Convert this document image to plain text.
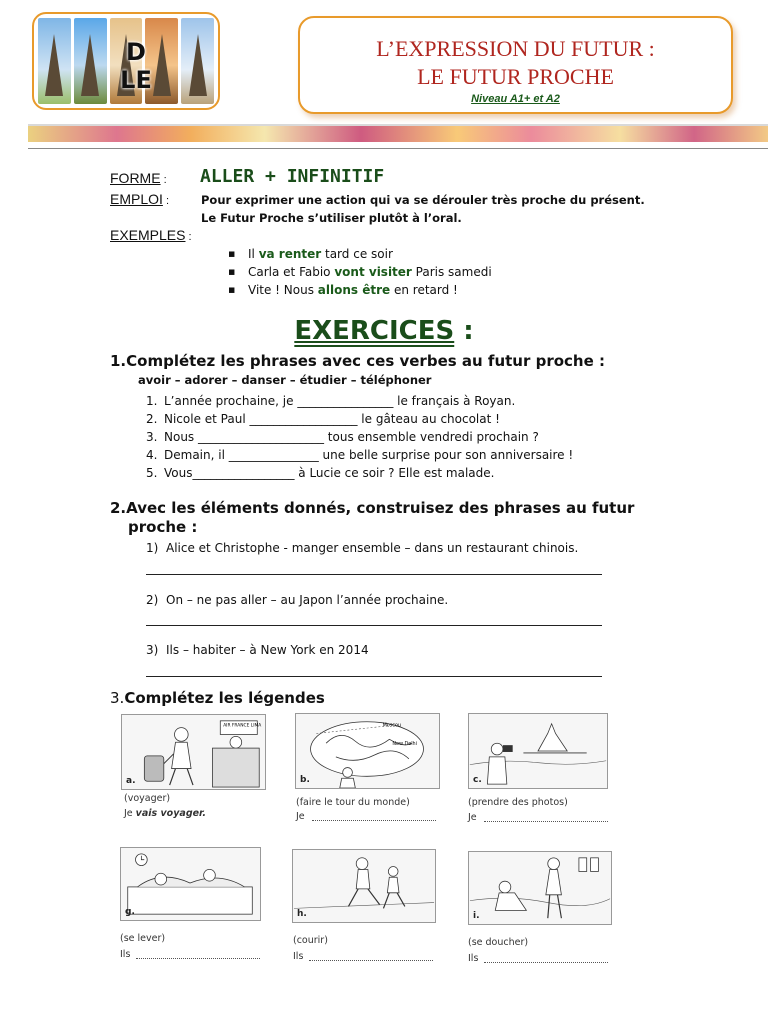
D
LE
L’EXPRESSION DU FUTUR :
LE FUTUR PROCHE
Niveau A1+ et A2
FORME : ALLER + INFINITIF
EMPLOI :	Pour exprimer une action qui va se dérouler très proche du présent.
Le Futur Proche s’utiliser plutôt à l’oral.
EXEMPLES :
▪ Il va renter tard ce soir
▪ Carla et Fabio vont visiter Paris samedi
▪ Vite ! Nous allons être en retard !
EXERCICES :
1.Complétez les phrases avec ces verbes au futur proche :
avoir – adorer – danser – étudier – téléphoner
1. L’année prochaine, je ________________ le français à Royan.
2. Nicole et Paul __________________ le gâteau au chocolat !
3. Nous _____________________ tous ensemble vendredi prochain ?
4. Demain, il _______________ une belle surprise pour son anniversaire !
5. Vous_________________ à Lucie ce soir ? Elle est malade.
2.Avec les éléments donnés, construisez des phrases au futur
proche :
1) Alice et Christophe - manger ensemble – dans un restaurant chinois.
2) On – ne pas aller – au Japon l’année prochaine.
3) Ils – habiter – à New York en 2014
3.Complétez les légendes
AIR FRANCE LIMA
a.
(voyager)
Je vais voyager.
Moscou
New Delhi
b.
(faire le tour du monde)
Je
c.
(prendre des photos)
Je
g.
(se lever)
Ils
h.
(courir)
Ils
i.
(se doucher)
Ils
